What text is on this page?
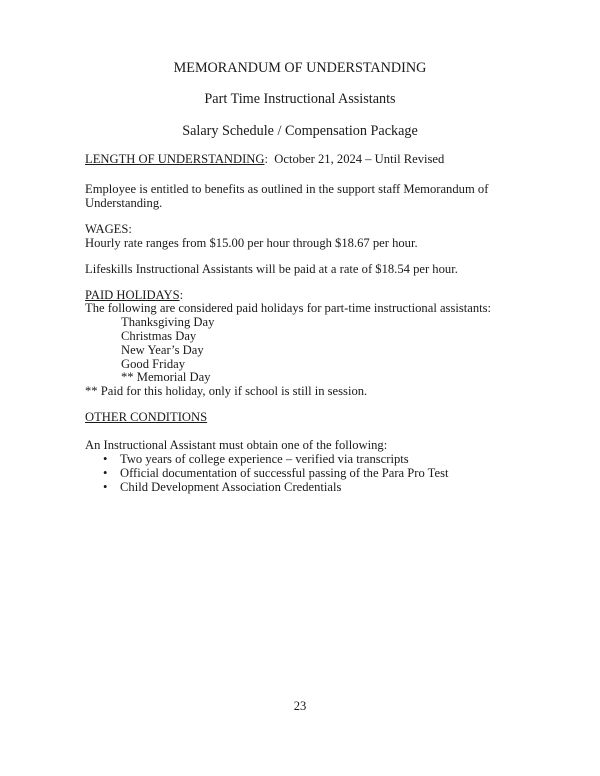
MEMORANDUM OF UNDERSTANDING
Part Time Instructional Assistants
Salary Schedule / Compensation Package
LENGTH OF UNDERSTANDING: October 21, 2024 – Until Revised
Employee is entitled to benefits as outlined in the support staff Memorandum of
Understanding.
WAGES:
Hourly rate ranges from $15.00 per hour through $18.67 per hour.
Lifeskills Instructional Assistants will be paid at a rate of $18.54 per hour.
PAID HOLIDAYS:
The following are considered paid holidays for part-time instructional assistants:
Thanksgiving Day
Christmas Day
New Year’s Day
Good Friday
** Memorial Day
** Paid for this holiday, only if school is still in session.
OTHER CONDITIONS
An Instructional Assistant must obtain one of the following:
• Two years of college experience – verified via transcripts
• Official documentation of successful passing of the Para Pro Test
• Child Development Association Credentials
23
